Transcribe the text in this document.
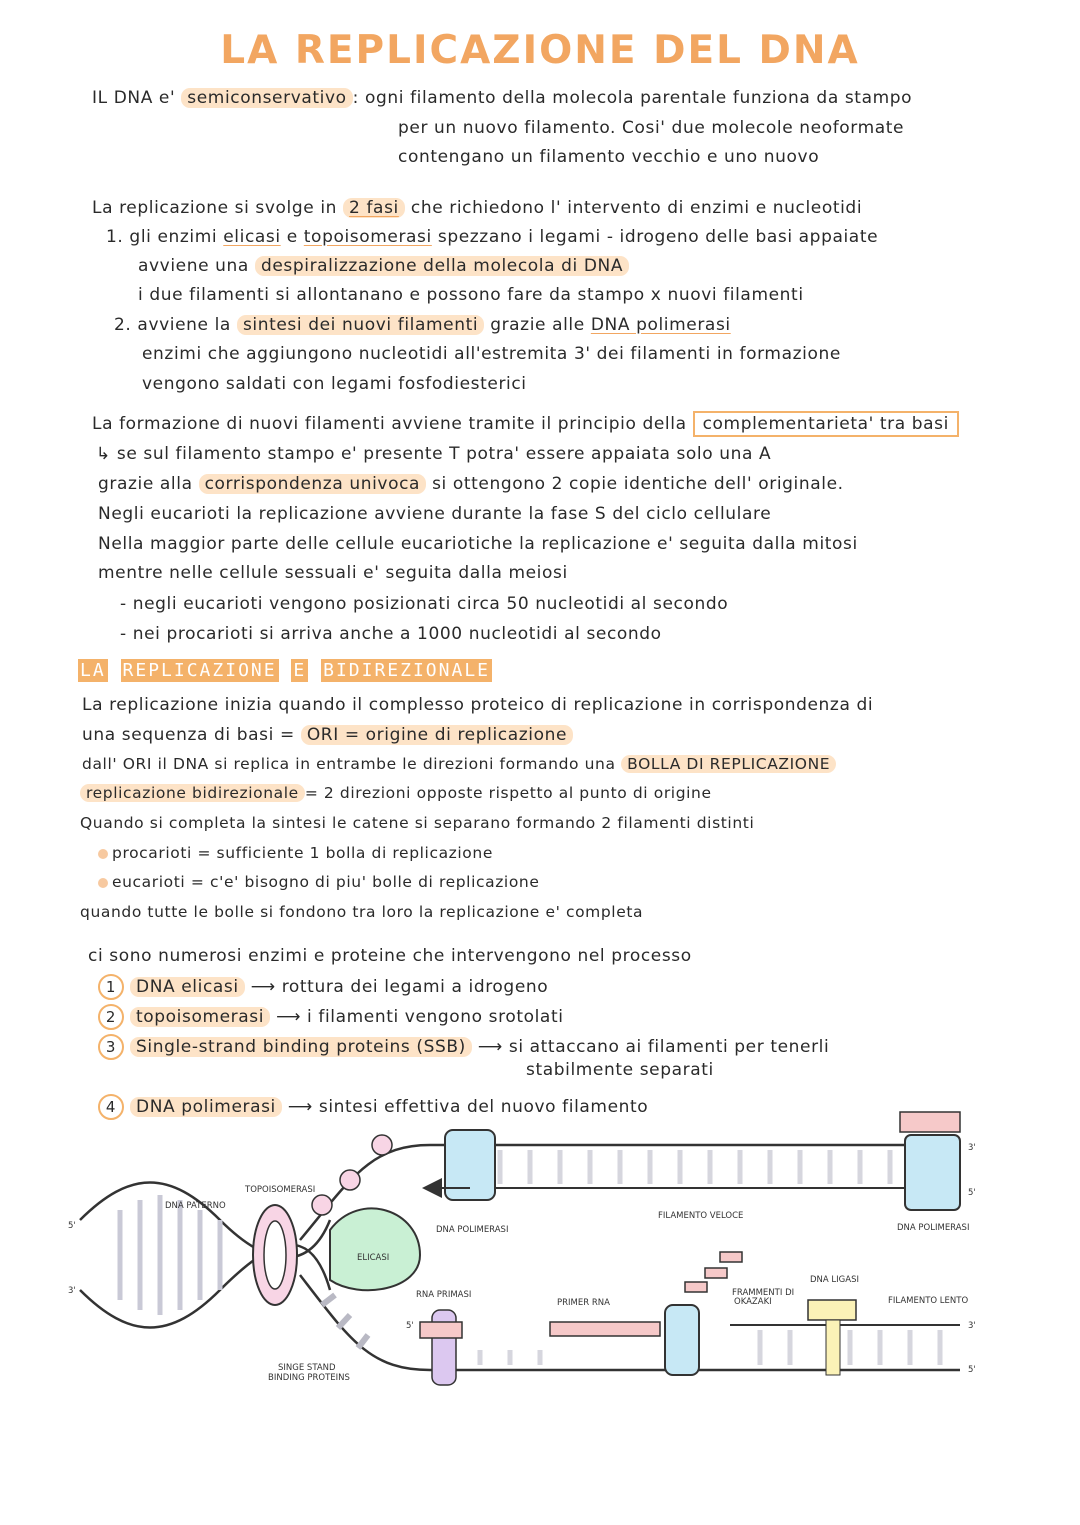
LA REPLICAZIONE DEL DNA
IL DNA e' semiconservativo : ogni filamento della molecola parentale funziona da stampo
per un nuovo filamento. Cosi' due molecole neoformate
contengano un filamento vecchio e uno nuovo
La replicazione si svolge in 2 fasi che richiedono l' intervento di enzimi e nucleotidi
1. gli enzimi elicasi e topoisomerasi spezzano i legami - idrogeno delle basi appaiate
avviene una despiralizzazione della molecola di DNA
i due filamenti si allontanano e possono fare da stampo x nuovi filamenti
2. avviene la sintesi dei nuovi filamenti grazie alle DNA polimerasi
enzimi che aggiungono nucleotidi all'estremita 3' dei filamenti in formazione
vengono saldati con legami fosfodiesterici
La formazione di nuovi filamenti avviene tramite il principio della complementarieta' tra basi
↳ se sul filamento stampo e' presente T potra' essere appaiata solo una A
grazie alla corrispondenza univoca si ottengono 2 copie identiche dell' originale.
Negli eucarioti la replicazione avviene durante la fase S del ciclo cellulare
Nella maggior parte delle cellule eucariotiche la replicazione e' seguita dalla mitosi
mentre nelle cellule sessuali e' seguita dalla meiosi
- negli eucarioti vengono posizionati circa 50 nucleotidi al secondo
- nei procarioti si arriva anche a 1000 nucleotidi al secondo
LA REPLICAZIONE E BIDIREZIONALE
La replicazione inizia quando il complesso proteico di replicazione in corrispondenza di
una sequenza di basi = ORI = origine di replicazione
dall' ORI il DNA si replica in entrambe le direzioni formando una BOLLA DI REPLICAZIONE
replicazione bidirezionale = 2 direzioni opposte rispetto al punto di origine
Quando si completa la sintesi le catene si separano formando 2 filamenti distinti
procarioti = sufficiente 1 bolla di replicazione
eucarioti = c'e' bisogno di piu' bolle di replicazione
quando tutte le bolle si fondono tra loro la replicazione e' completa
ci sono numerosi enzimi e proteine che intervengono nel processo
1 DNA elicasi ⟶ rottura dei legami a idrogeno
2 topoisomerasi ⟶ i filamenti vengono srotolati
3 Single-strand binding proteins (SSB) ⟶ si attaccano ai filamenti per tenerli
stabilmente separati
4 DNA polimerasi ⟶ sintesi effettiva del nuovo filamento
ELICASI
DNA PATERNO
TOPOISOMERASI
DNA POLIMERASI
FILAMENTO VELOCE
DNA POLIMERASI
RNA PRIMASI
PRIMER RNA
FRAMMENTI DI
OKAZAKI
DNA LIGASI
FILAMENTO LENTO
SINGE STAND
BINDING PROTEINS
5'
3'
5'
3'
5'
3'
5'
